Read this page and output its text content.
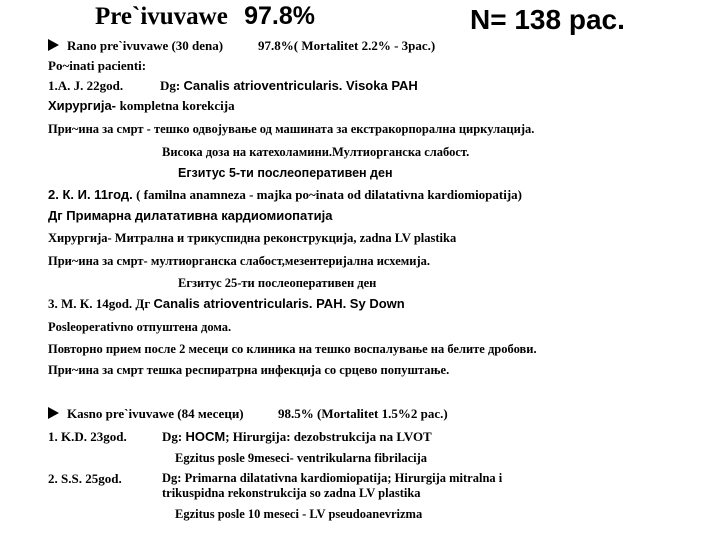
Pre`ivuvawe 97.8%	N= 138 pac.
Rano pre`ivuvawe (30 dena)	97.8%( Mortalitet 2.2% - 3pac.)
Po~inati pacienti:
1.A. J. 22god.	Dg: Canalis atrioventricularis. Visoka PAH
Хирургија- kompletna korekcija
При~ина за смрт - тешко одвојување од машината за екстракорпорална циркулација.
Висока доза на катехоламини.Мултиорганска слабост.
Егзитус 5-ти послеоперативен ден
2. К. И. 11год. ( familna anamneza - majka po~inata od dilatativna kardiomiopatija)
Дг Примарна дилатативна кардиомиопатија
Хирургија- Митрална и трикуспидна реконструкција, zadna LV plastika
При~ина за смрт- мултиорганска слабост,мезентеријална исхемија.
Егзитус 25-ти послеоперативен ден
3. М. К. 14god. Дг Canalis atrioventricularis. PAH. Sy Down
Posleoperativno отпуштена дома.
Повторно прием после 2 месеци со клиника на тешко воспалување на белите дробови.
При~ина за смрт тешка респиратрна инфекција со срцево попуштање.
Kasno pre`ivuvawe (84 месеци)	98.5% (Mortalitet 1.5%2 pac.)
1. K.D. 23god.	Dg: HOCM; Hirurgija: dezobstrukcija na LVOT
Egzitus posle 9meseci- ventrikularna fibrilacija
2. S.S. 25god.	Dg: Primarna dilatativna kardiomiopatija; Hirurgija mitralna i
trikuspidna rekonstrukcija so zadna LV plastika
Egzitus posle 10 meseci - LV pseudoanevrizma
